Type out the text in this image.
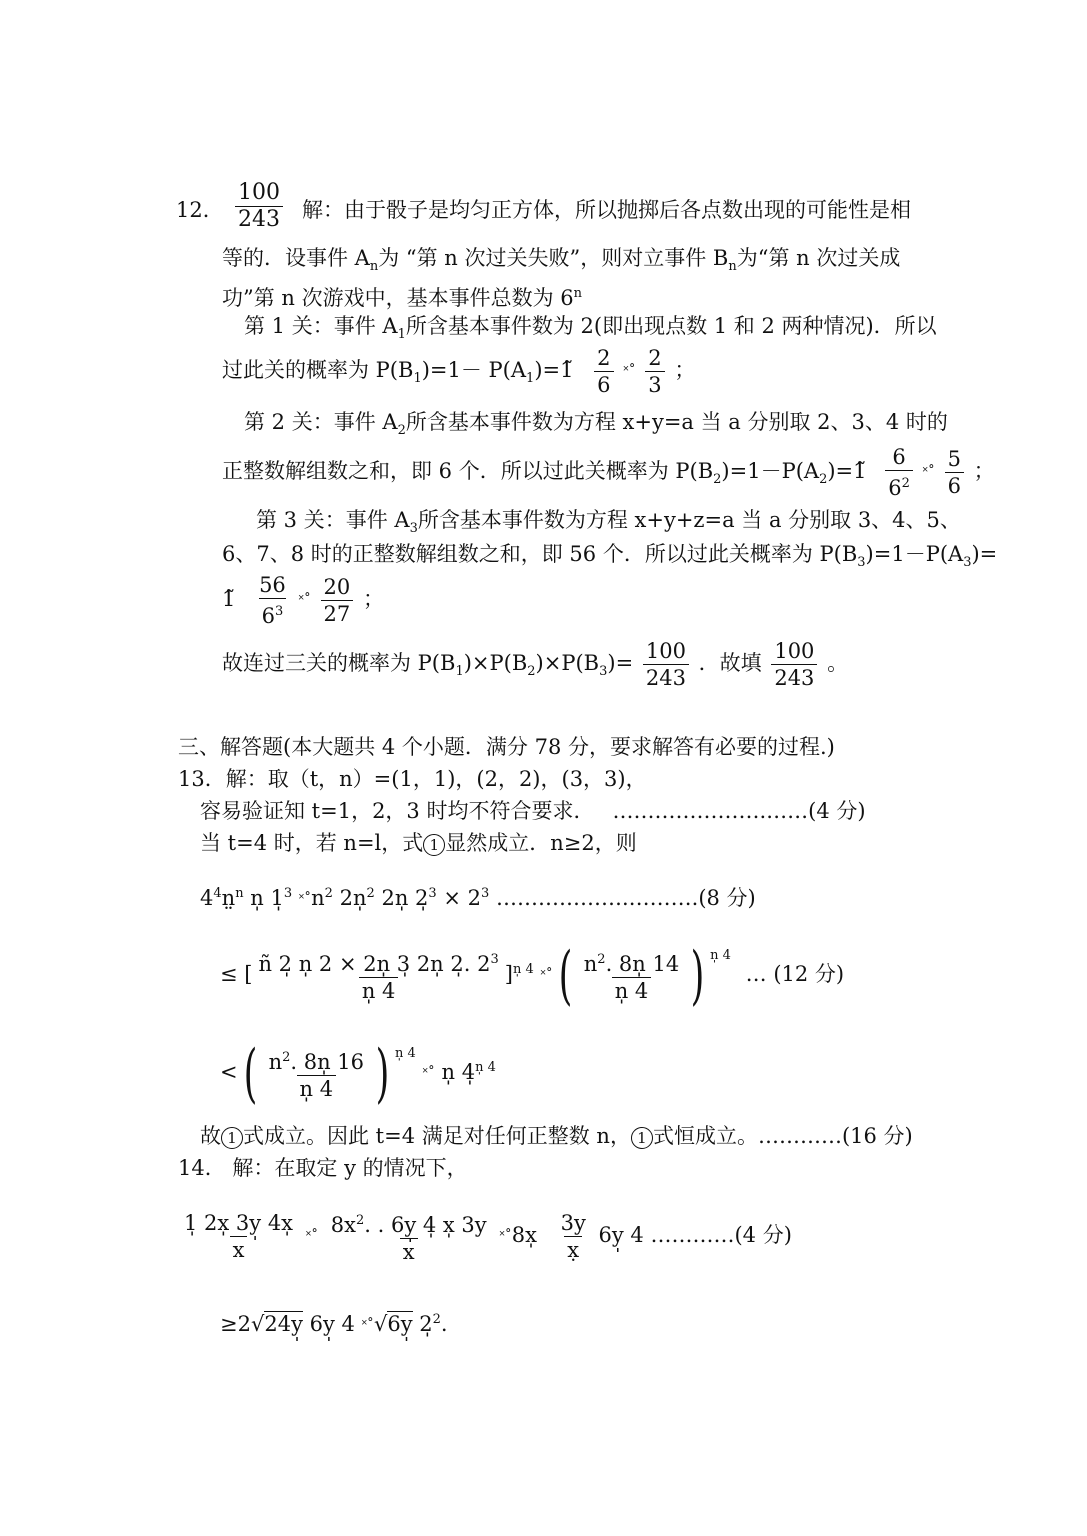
12． $\frac{100}{243}$ 解：由于骰子是均匀正方体，所以抛掷后各点数出现的可能性是相
等的．设事件 $A_n$为 “第 n 次过关失败”，则对立事件 $B_n$为“第 n 次过关成
功”第 n 次游戏中，基本事件总数为 6$^n$
第 1 关：事件 $A_1$所含基本事件数为 2(即出现点数 1 和 2 两种情况)．所以
过此关的概率为 $P(B_1)=1-$ $P(A_1)=1̃ \frac{2}{6}$ ˟˚ $\frac{2}{3}$ ；
第 2 关：事件 $A_2$所含基本事件数为方程 x+y=a 当 a 分别取 2、3、4 时的
正整数解组数之和，即 6 个．所以过此关概率为 $P(B_2)=1-P(A_2)=1̃ \frac{6}{6^2}$ ˟˚ $\frac{5}{6}$ ；
第 3 关：事件 $A_3$所含基本事件数为方程 x+y+z=a 当 a 分别取 3、4、5、
6、7、8 时的正整数解组数之和，即 56 个．所以过此关概率为 $P(B_3)=1-P(A_3)=$
1̃ $\frac{56}{6^3}$ ˟˚ $\frac{20}{27}$ ；
故连过三关的概率为 $P(B_1)\times P(B_2)\times P(B_3)= \frac{100}{243}$ ．故填 $\frac{100}{243}$ 。
三、解答题(本大题共 4 个小题．满分 78 分，要求解答有必要的过程.)
13．解：取（t，n）=(1，1)，(2，2)，(3，3)，
容易验证知 t=1，2，3 时均不符合要求． ………………….……(4 分)
当 t=4 时，若 n=l，式 1 显然成立．n≥2，则
$4^4n̤^n$ n̩ 1̩$^3$ $˟˚n^2$ 2n̩$^2$ 2n̩ 2̩$^3$ × $2^3$ ……………….……….(8 分)
≤ [ $\frac{ñ 2̩ n̩ 2 \times 2n̩ 3̩ 2n̩ 2̩. 2^3}{n̩ 4} ]^{n̩ 4}$ ˟˚( $\frac{n^2. 8n̩ 14}{n̩ 4}$ ) $^{n̩ 4}$ … (12 分)
<( $\frac{n^2. 8n̩ 16}{n̩ 4}$ ) $^{n̩ 4}$ ˟˚ n̩ 4̩$^{n̩ 4}$
故 1 式成立。因此 t=4 满足对任何正整数 n， 1 式恒成立。…………(16 分)
14． 解：在取定 y 的情况下，
$\frac{1̩ 2x̩ 3y̩ 4x̩}{x}$ ˟˚ $\frac{8x^2. . 6y̩ 4̩ x̩ 3y}{x}$ ˟˚8x̩ $\frac{3y}{x̣}$ 6y̩ 4 …………(4 分)
≥2√24y̩ 6y̩ 4 ˟˚√6y̩ 2̩$^2$.
